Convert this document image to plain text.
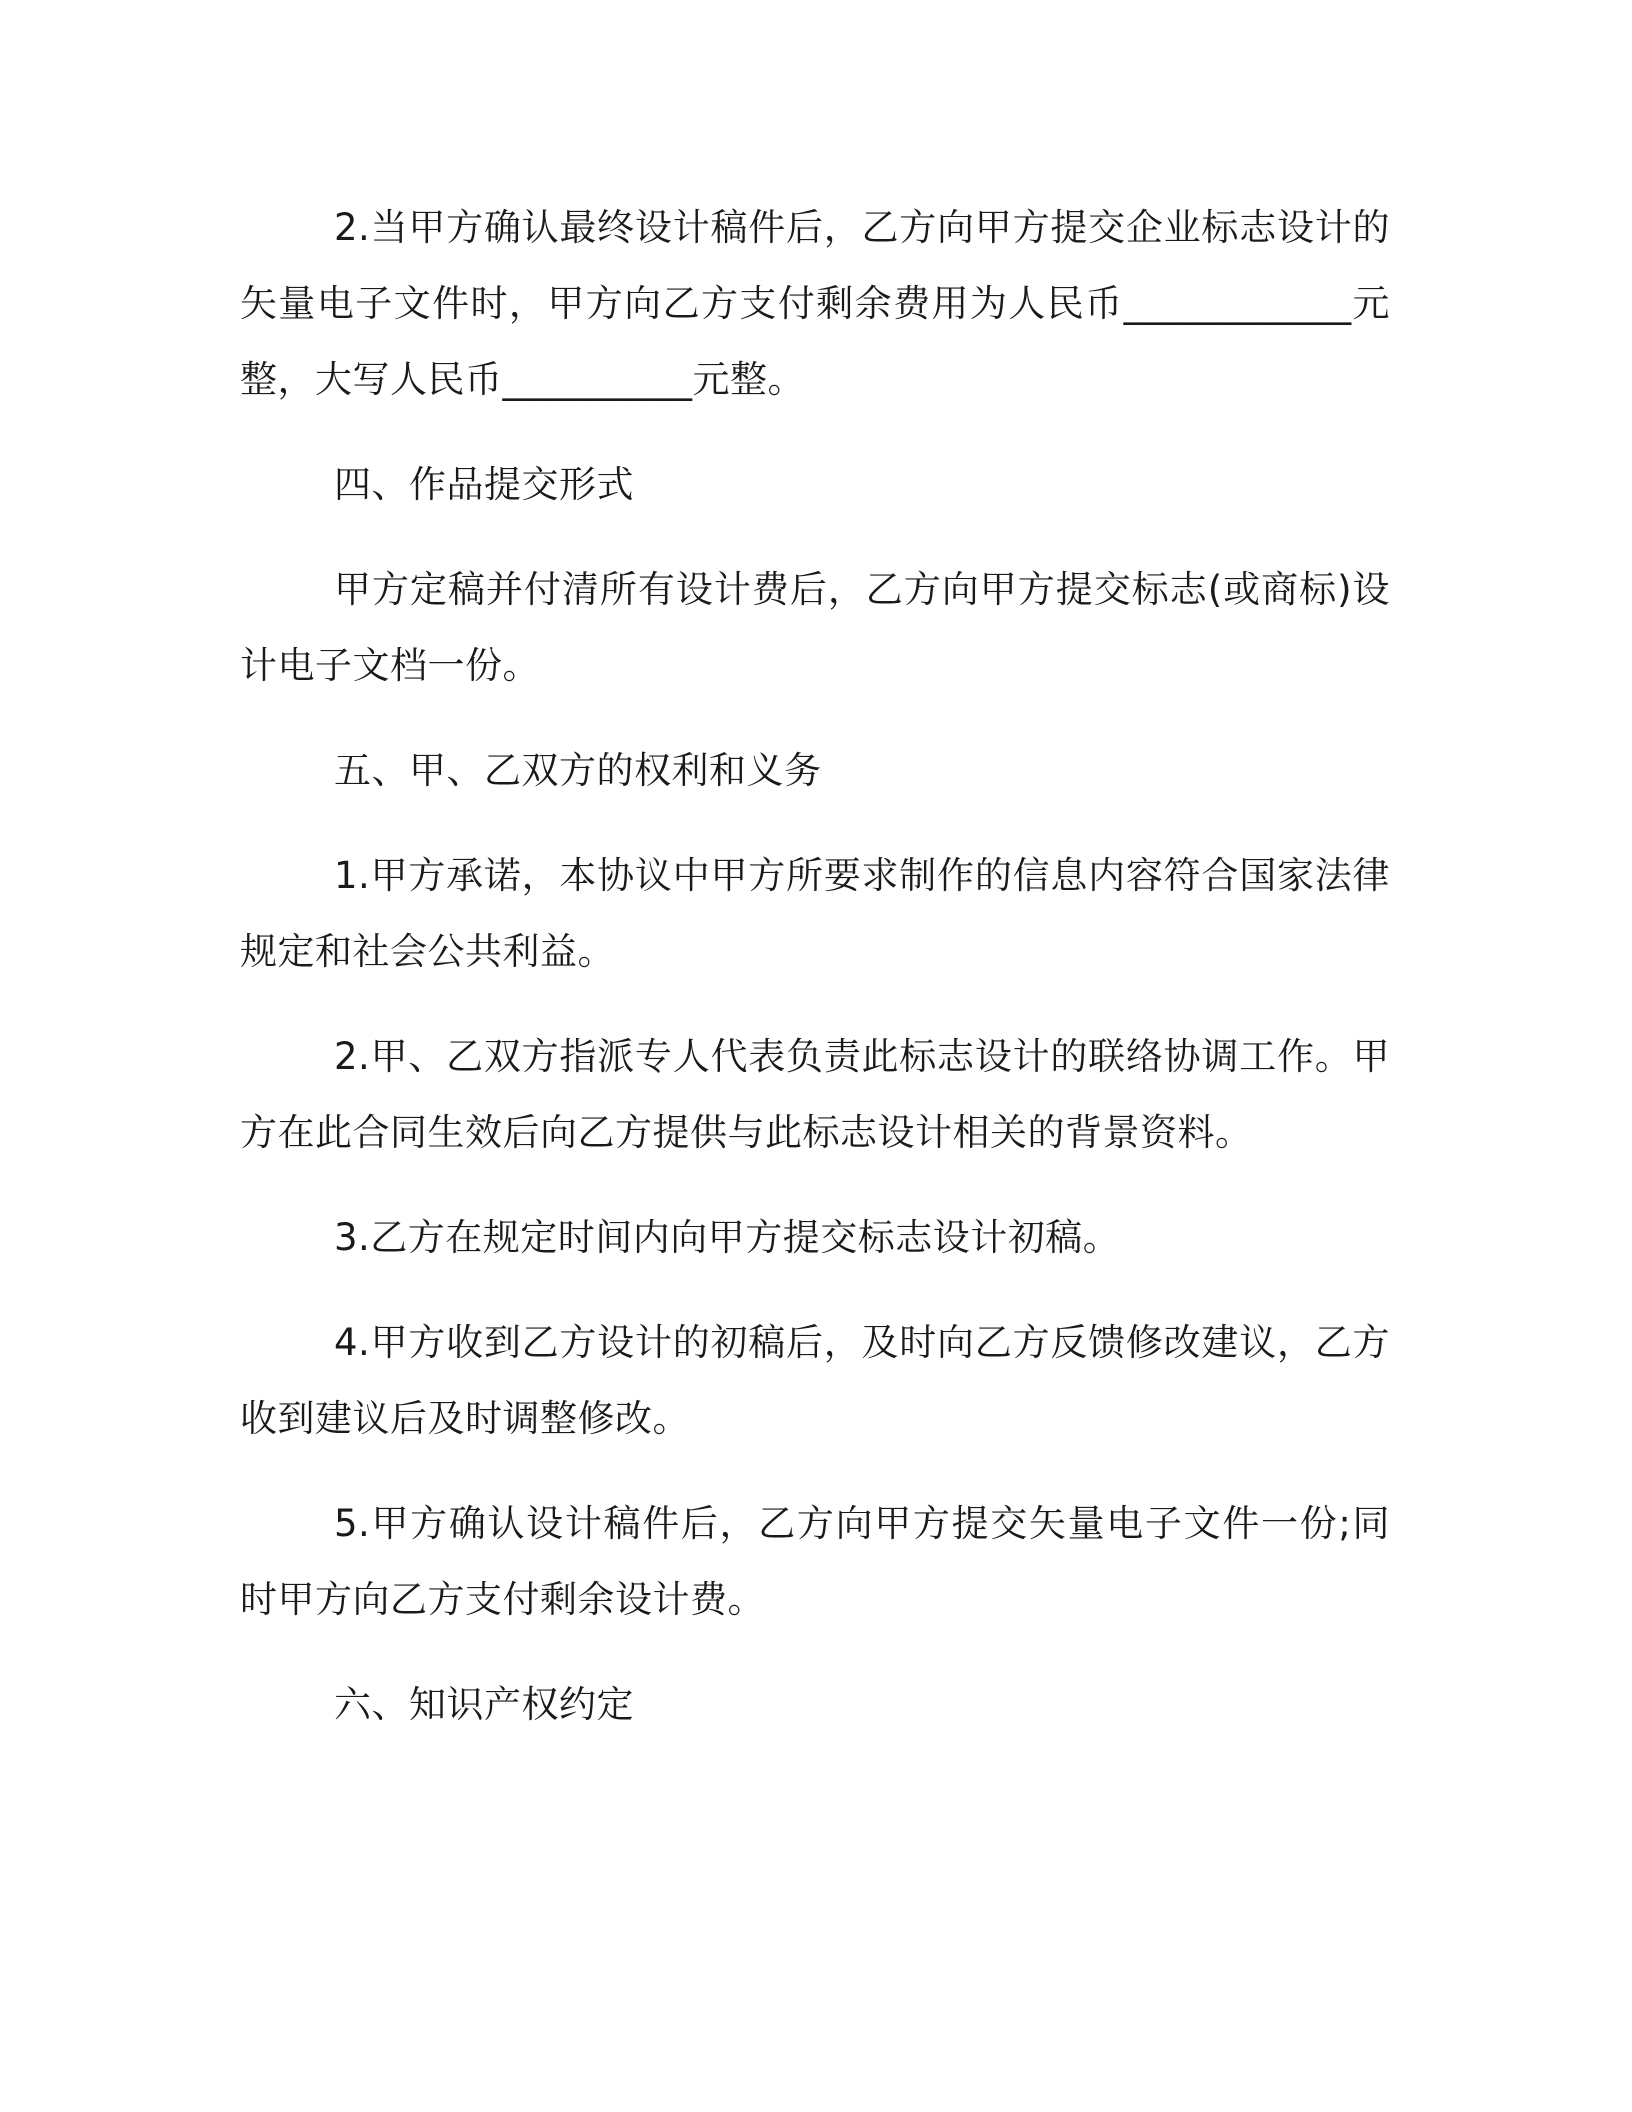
2.当甲方确认最终设计稿件后，乙方向甲方提交企业标志设计的矢量电子文件时，甲方向乙方支付剩余费用为人民币____________元整，大写人民币__________元整。

四、作品提交形式

甲方定稿并付清所有设计费后，乙方向甲方提交标志(或商标)设计电子文档一份。

五、甲、乙双方的权利和义务

1.甲方承诺，本协议中甲方所要求制作的信息内容符合国家法律规定和社会公共利益。

2.甲、乙双方指派专人代表负责此标志设计的联络协调工作。甲方在此合同生效后向乙方提供与此标志设计相关的背景资料。

3.乙方在规定时间内向甲方提交标志设计初稿。

4.甲方收到乙方设计的初稿后，及时向乙方反馈修改建议，乙方收到建议后及时调整修改。

5.甲方确认设计稿件后，乙方向甲方提交矢量电子文件一份;同时甲方向乙方支付剩余设计费。

六、知识产权约定
